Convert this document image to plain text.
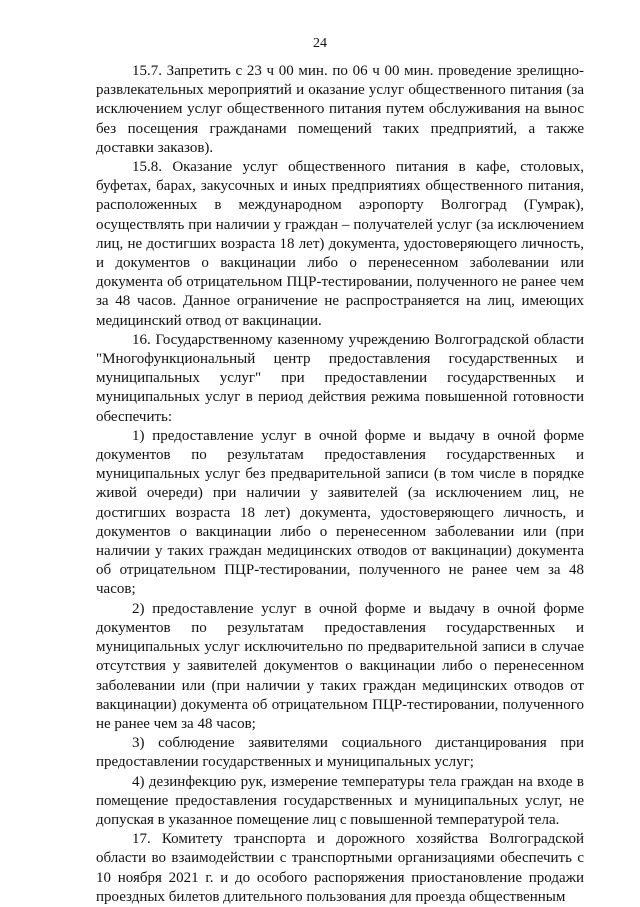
24

15.7. Запретить с 23 ч 00 мин. по 06 ч 00 мин. проведение зрелищно-развлекательных мероприятий и оказание услуг общественного питания (за исключением услуг общественного питания путем обслуживания на вынос без посещения гражданами помещений таких предприятий, а также доставки заказов).

15.8. Оказание услуг общественного питания в кафе, столовых, буфетах, барах, закусочных и иных предприятиях общественного питания, расположенных в международном аэропорту Волгоград (Гумрак), осуществлять при наличии у граждан – получателей услуг (за исключением лиц, не достигших возраста 18 лет) документа, удостоверяющего личность, и документов о вакцинации либо о перенесенном заболевании или документа об отрицательном ПЦР-тестировании, полученного не ранее чем за 48 часов. Данное ограничение не распространяется на лиц, имеющих медицинский отвод от вакцинации.

16. Государственному казенному учреждению Волгоградской области "Многофункциональный центр предоставления государственных и муниципальных услуг" при предоставлении государственных и муниципальных услуг в период действия режима повышенной готовности обеспечить:

1) предоставление услуг в очной форме и выдачу в очной форме документов по результатам предоставления государственных и муниципальных услуг без предварительной записи (в том числе в порядке живой очереди) при наличии у заявителей (за исключением лиц, не достигших возраста 18 лет) документа, удостоверяющего личность, и документов о вакцинации либо о перенесенном заболевании или (при наличии у таких граждан медицинских отводов от вакцинации) документа об отрицательном ПЦР-тестировании, полученного не ранее чем за 48 часов;

2) предоставление услуг в очной форме и выдачу в очной форме документов по результатам предоставления государственных и муниципальных услуг исключительно по предварительной записи в случае отсутствия у заявителей документов о вакцинации либо о перенесенном заболевании или (при наличии у таких граждан медицинских отводов от вакцинации) документа об отрицательном ПЦР-тестировании, полученного не ранее чем за 48 часов;

3) соблюдение заявителями социального дистанцирования при предоставлении государственных и муниципальных услуг;

4) дезинфекцию рук, измерение температуры тела граждан на входе в помещение предоставления государственных и муниципальных услуг, не допуская в указанное помещение лиц с повышенной температурой тела.

17. Комитету транспорта и дорожного хозяйства Волгоградской области во взаимодействии с транспортными организациями обеспечить с 10 ноября 2021 г. и до особого распоряжения приостановление продажи проездных билетов длительного пользования для проезда общественным
